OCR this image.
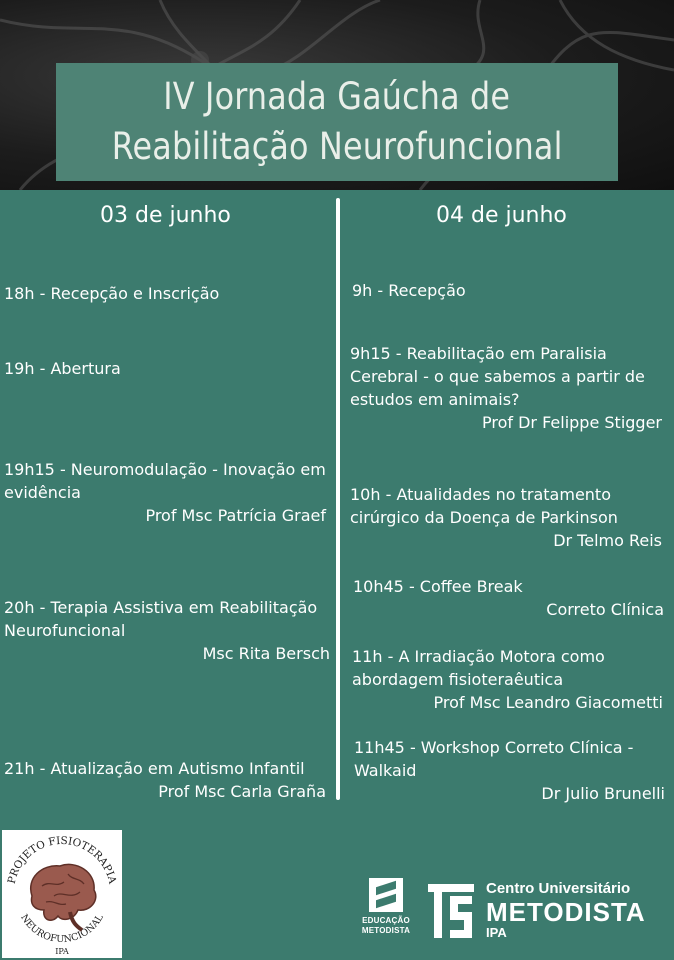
IV Jornada Gaúcha de
Reabilitação Neurofuncional
03 de junho	04 de junho
18h - Recepção e Inscrição
19h - Abertura
19h15 - Neuromodulação - Inovação em evidência
Prof Msc Patrícia Graef
20h - Terapia Assistiva em Reabilitação Neurofuncional
Msc Rita Bersch
21h - Atualização em Autismo Infantil
Prof Msc Carla Graña
9h - Recepção
9h15 - Reabilitação em Paralisia Cerebral - o que sabemos a partir de estudos em animais?
Prof Dr Felippe Stigger
10h - Atualidades no tratamento cirúrgico da Doença de Parkinson
Dr Telmo Reis
10h45 - Coffee Break
Correto Clínica
11h - A Irradiação Motora como abordagem fisioteraêutica
Prof Msc Leandro Giacometti
11h45 - Workshop Correto Clínica - Walkaid
Dr Julio Brunelli
PROJETO FISIOTERAPIA
NEUROFUNCIONAL
IPA
EDUCAÇÃO
METODISTA
Centro Universitário
METODISTA
IPA
